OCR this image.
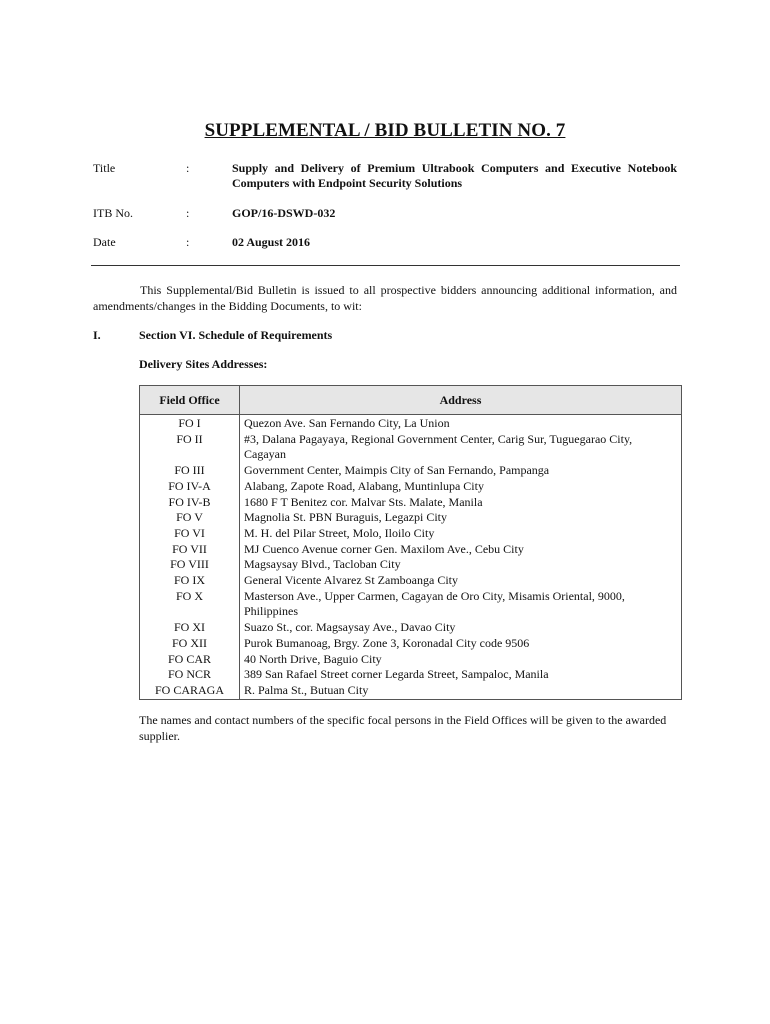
SUPPLEMENTAL / BID BULLETIN NO. 7
Title	:	Supply and Delivery of Premium Ultrabook Computers and Executive Notebook Computers with Endpoint Security Solutions
ITB No.	:	GOP/16-DSWD-032
Date	:	02 August 2016
This Supplemental/Bid Bulletin is issued to all prospective bidders announcing additional information, and amendments/changes in the Bidding Documents, to wit:
I.	Section VI. Schedule of Requirements
Delivery Sites Addresses:
Field Office	Address
FO I	Quezon Ave. San Fernando City, La Union
FO II	#3, Dalana Pagayaya, Regional Government Center, Carig Sur, Tuguegarao City, Cagayan
FO III	Government Center, Maimpis City of San Fernando, Pampanga
FO IV-A	Alabang, Zapote Road, Alabang, Muntinlupa City
FO IV-B	1680 F T Benitez cor. Malvar Sts. Malate, Manila
FO V	Magnolia St. PBN Buraguis, Legazpi City
FO VI	M. H. del Pilar Street, Molo, Iloilo City
FO VII	MJ Cuenco Avenue corner Gen. Maxilom Ave., Cebu City
FO VIII	Magsaysay Blvd., Tacloban City
FO IX	General Vicente Alvarez St Zamboanga City
FO X	Masterson Ave., Upper Carmen, Cagayan de Oro City, Misamis Oriental, 9000, Philippines
FO XI	Suazo St., cor. Magsaysay Ave., Davao City
FO XII	Purok Bumanoag, Brgy. Zone 3, Koronadal City code 9506
FO CAR	40 North Drive, Baguio City
FO NCR	389 San Rafael Street corner Legarda Street, Sampaloc, Manila
FO CARAGA	R. Palma St., Butuan City
The names and contact numbers of the specific focal persons in the Field Offices will be given to the awarded supplier.
